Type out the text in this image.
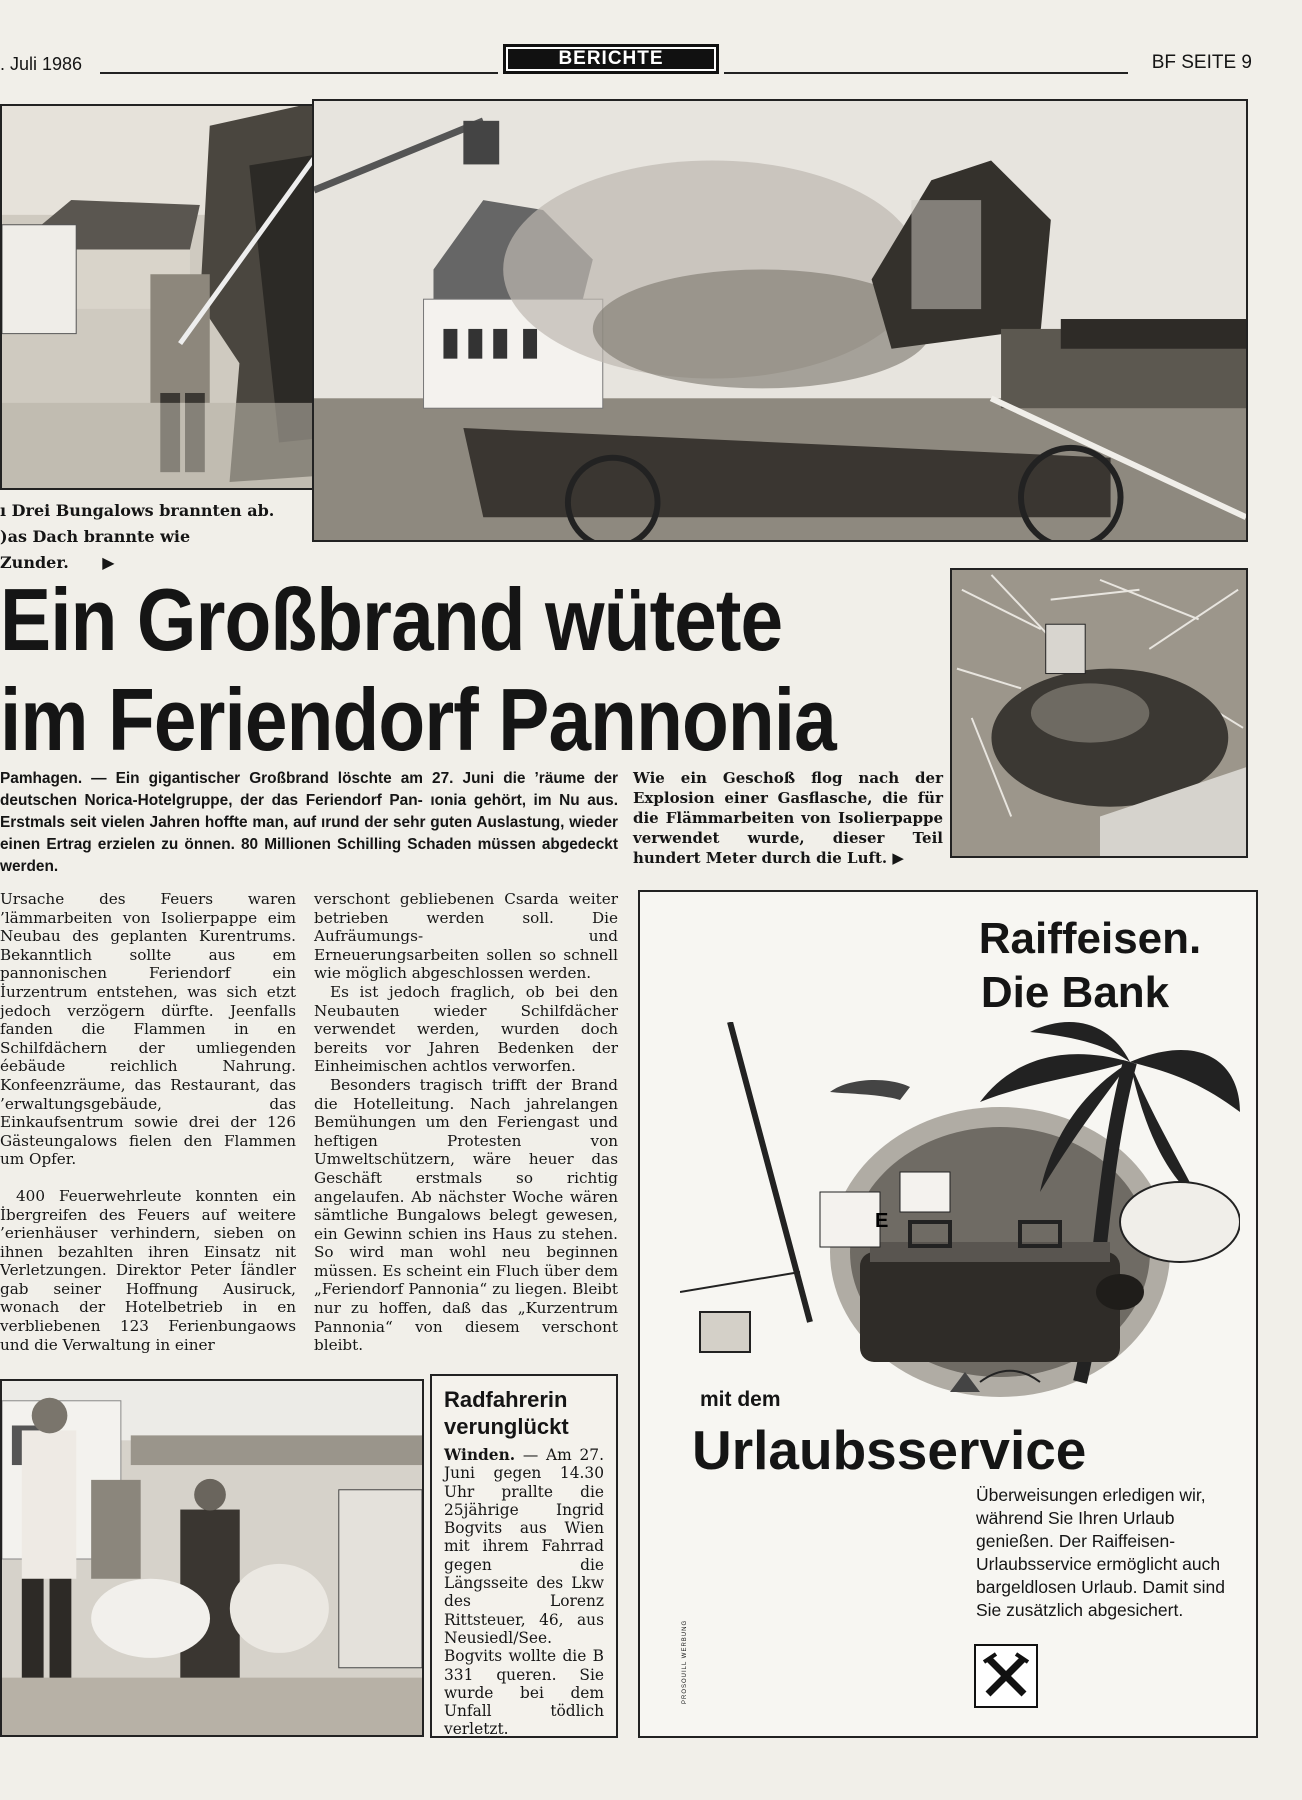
. Juli 1986	BERICHTE	BF SEITE 9
ı Drei Bungalows brannten ab.
)as Dach brannte wie Zunder. ▶
Ein Großbrand wütete
im Feriendorf Pannonia
Pamhagen. — Ein gigantischer Großbrand löschte am 27. Juni die ’räume der deutschen Norica-Hotelgruppe, der das Feriendorf Pan- ıonia gehört, im Nu aus. Erstmals seit vielen Jahren hoffte man, auf ırund der sehr guten Auslastung, wieder einen Ertrag erzielen zu önnen. 80 Millionen Schilling Schaden müssen abgedeckt werden.
Wie ein Geschoß flog nach der Explosion einer Gasflasche, die für die Flämmarbeiten von Isolierpappe verwendet wurde, dieser Teil hundert Meter durch die Luft. ▶

Ursache des Feuers waren ’lämmarbeiten von Isolierpappe eim Neubau des geplanten Kurentrums. Bekanntlich sollte aus em pannonischen Feriendorf ein İurzentrum entstehen, was sich etzt jedoch verzögern dürfte. Jeenfalls fanden die Flammen in en Schilfdächern der umliegenden éebäude reichlich Nahrung. Konfeenzräume, das Restaurant, das ’erwaltungsgebäude, das Einkaufsentrum sowie drei der 126 Gästeungalows fielen den Flammen um Opfer.

400 Feuerwehrleute konnten ein İbergreifen des Feuers auf weitere ’erienhäuser verhindern, sieben on ihnen bezahlten ihren Einsatz nit Verletzungen. Direktor Peter Íändler gab seiner Hoffnung Ausiruck, wonach der Hotelbetrieb in en verbliebenen 123 Ferienbungaows und die Verwaltung in einer

verschont gebliebenen Csarda weiter betrieben werden soll. Die Aufräumungs- und Erneuerungsarbeiten sollen so schnell wie möglich abgeschlossen werden.

Es ist jedoch fraglich, ob bei den Neubauten wieder Schilfdächer verwendet werden, wurden doch bereits vor Jahren Bedenken der Einheimischen achtlos verworfen.

Besonders tragisch trifft der Brand die Hotelleitung. Nach jahrelangen Bemühungen um den Feriengast und heftigen Protesten von Umweltschützern, wäre heuer das Geschäft erstmals so richtig angelaufen. Ab nächster Woche wären sämtliche Bungalows belegt gewesen, ein Gewinn schien ins Haus zu stehen. So wird man wohl neu beginnen müssen. Es scheint ein Fluch über dem „Feriendorf Pannonia“ zu liegen. Bleibt nur zu hoffen, daß das „Kurzentrum Pannonia“ von diesem verschont bleibt.

Radfahrerin verunglückt
Winden. — Am 27. Juni gegen 14.30 Uhr prallte die 25jährige Ingrid Bogvits aus Wien mit ihrem Fahrrad gegen die Längsseite des Lkw des Lorenz Rittsteuer, 46, aus Neusiedl/See. Bogvits wollte die B 331 queren. Sie wurde bei dem Unfall tödlich verletzt.
Raiffeisen.
Die Bank
E
mit dem
Urlaubsservice
Überweisungen erledigen wir, während Sie Ihren Urlaub genießen. Der Raiffeisen-Urlaubsservice ermöglicht auch bargeldlosen Urlaub. Damit sind Sie zusätzlich abgesichert.
PROSOUILL WERBUNG
